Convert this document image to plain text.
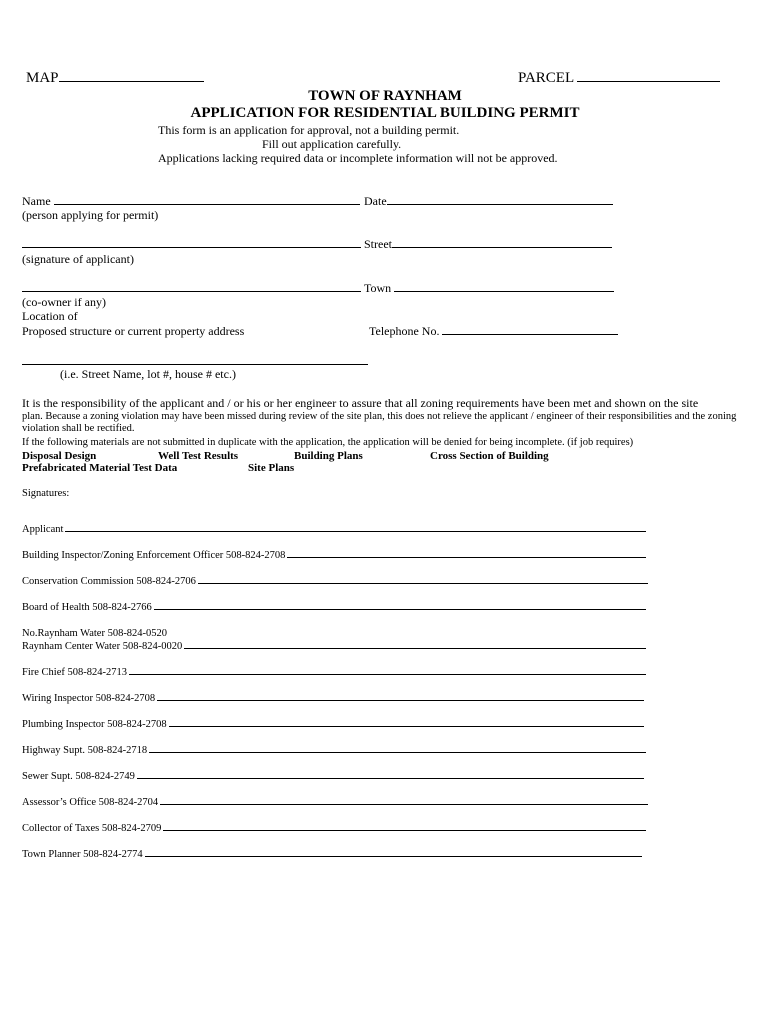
MAP	PARCEL
TOWN OF RAYNHAM
APPLICATION FOR RESIDENTIAL BUILDING PERMIT
This form is an application for approval, not a building permit.
Fill out application carefully.
Applications lacking required data or incomplete information will not be approved.
Name	Date
(person applying for permit)
Street
(signature of applicant)
Town
(co-owner if any)
Location of
Proposed structure or current property address	Telephone No.
(i.e. Street Name, lot #, house # etc.)
It is the responsibility of the applicant and / or his or her engineer to assure that all zoning requirements have been met and shown on the site
plan. Because a zoning violation may have been missed during review of the site plan, this does not relieve the applicant / engineer of their responsibilities and the zoning violation shall be rectified.
If the following materials are not submitted in duplicate with the application, the application will be denied for being incomplete. (if job requires)
Disposal Design	Well Test Results	Building Plans	Cross Section of Building
Prefabricated Material Test Data	Site Plans
Signatures:
Applicant
Building Inspector/Zoning Enforcement Officer 508-824-2708
Conservation Commission 508-824-2706
Board of Health 508-824-2766
No.Raynham Water 508-824-0520
Raynham Center Water 508-824-0020
Fire Chief 508-824-2713
Wiring Inspector 508-824-2708
Plumbing Inspector 508-824-2708
Highway Supt. 508-824-2718
Sewer Supt. 508-824-2749
Assessor’s Office 508-824-2704
Collector of Taxes 508-824-2709
Town Planner 508-824-2774
